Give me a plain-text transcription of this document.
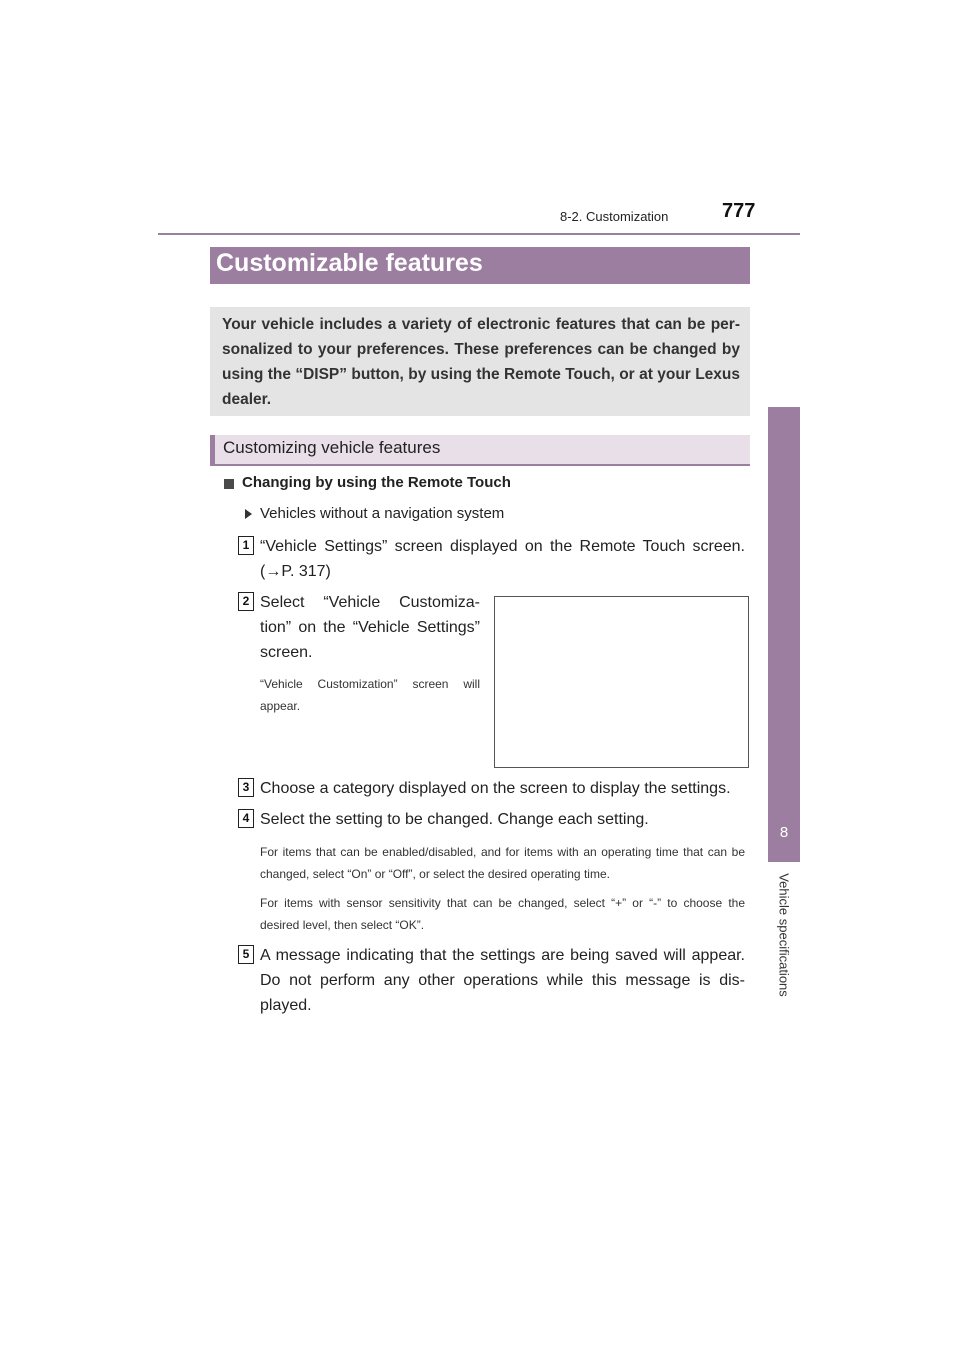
8-2. Customization	777
8
Vehicle specifications
Customizable features
Your vehicle includes a variety of electronic features that can be per-sonalized to your preferences. These preferences can be changed by using the “DISP” button, by using the Remote Touch, or at your Lexus dealer.
Customizing vehicle features
Changing by using the Remote Touch
Vehicles without a navigation system
1 “Vehicle Settings” screen displayed on the Remote Touch screen.
(→P. 317)
2 Select “Vehicle Customiza-tion” on the “Vehicle Settings” screen.
“Vehicle Customization” screen will appear.
3 Choose a category displayed on the screen to display the settings.
4 Select the setting to be changed. Change each setting.
For items that can be enabled/disabled, and for items with an operating time that can be changed, select “On” or “Off”, or select the desired operating time.
For items with sensor sensitivity that can be changed, select “+” or “-” to choose the desired level, then select “OK”.
5 A message indicating that the settings are being saved will appear. Do not perform any other operations while this message is dis-played.
